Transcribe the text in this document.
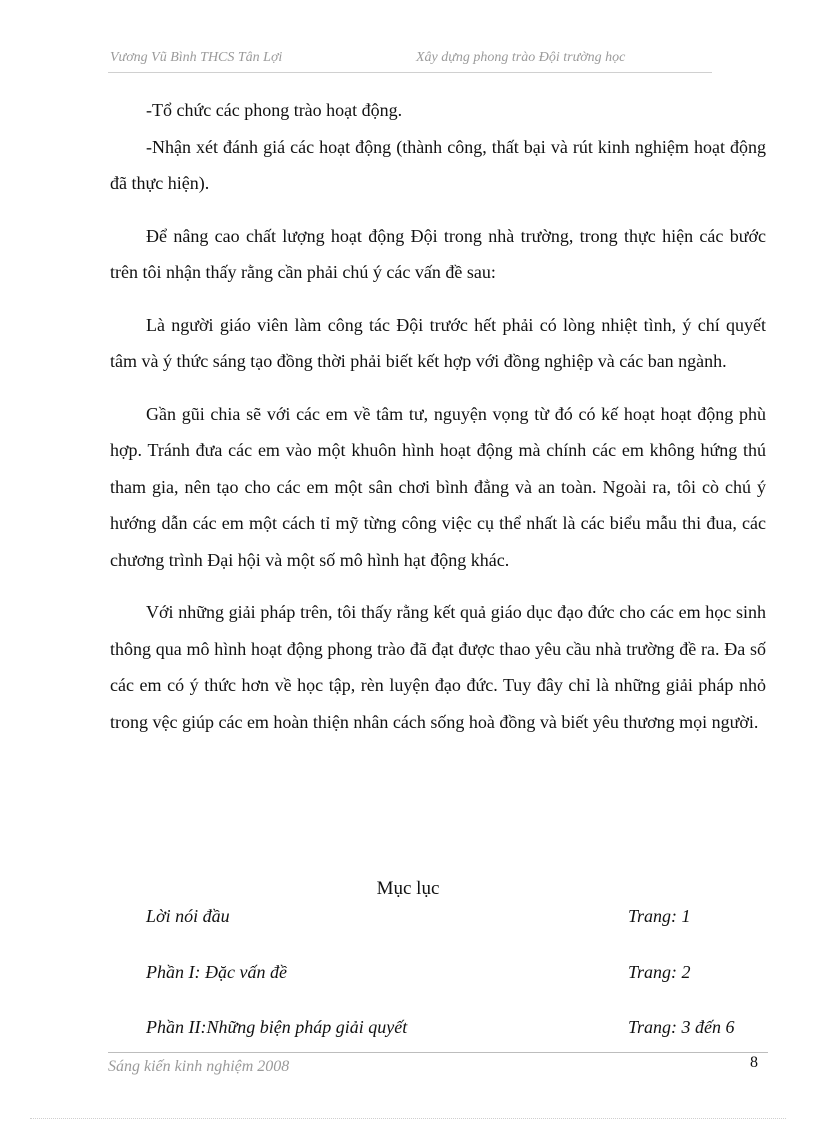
Vương Vũ Bình THCS Tân Lợi	Xây dựng phong trào Đội trường học

-Tổ chức các phong trào hoạt động.

-Nhận xét đánh giá các hoạt động (thành công, thất bại và rút kinh nghiệm hoạt động đã thực hiện).

Để nâng cao chất lượng hoạt động Đội trong nhà trường, trong thực hiện các bước trên tôi nhận thấy rằng cần phải chú ý các vấn đề sau:

Là người giáo viên làm công tác Đội trước hết phải có lòng nhiệt tình, ý chí quyết tâm và ý thức sáng tạo đồng thời phải biết kết hợp với đồng nghiệp và các ban ngành.

Gần gũi chia sẽ với các em về tâm tư, nguyện vọng từ đó có kế hoạt hoạt động phù hợp. Tránh đưa các em vào một khuôn hình hoạt động mà chính các em không hứng thú tham gia, nên tạo cho các em một sân chơi bình đẳng và an toàn. Ngoài ra, tôi cò chú ý hướng dẫn các em một cách tỉ mỹ từng công việc cụ thể nhất là các biểu mẫu thi đua, các chương trình Đại hội và một số mô hình hạt động khác.

Với những giải pháp trên, tôi thấy rằng kết quả giáo dục đạo đức cho các em học sinh thông qua mô hình hoạt động phong trào đã đạt được thao yêu cầu nhà trường đề ra. Đa số các em có ý thức hơn về học tập, rèn luyện đạo đức. Tuy đây chỉ là những giải pháp nhỏ trong vệc giúp các em hoàn thiện nhân cách sống hoà đồng và biết yêu thương mọi người.

Mục lục
Lời nói đầu	Trang: 1
Phần I: Đặc vấn đề	Trang: 2
Phần II:Những biện pháp giải quyết	Trang: 3 đến 6
Sáng kiến kinh nghiệm 2008	8
